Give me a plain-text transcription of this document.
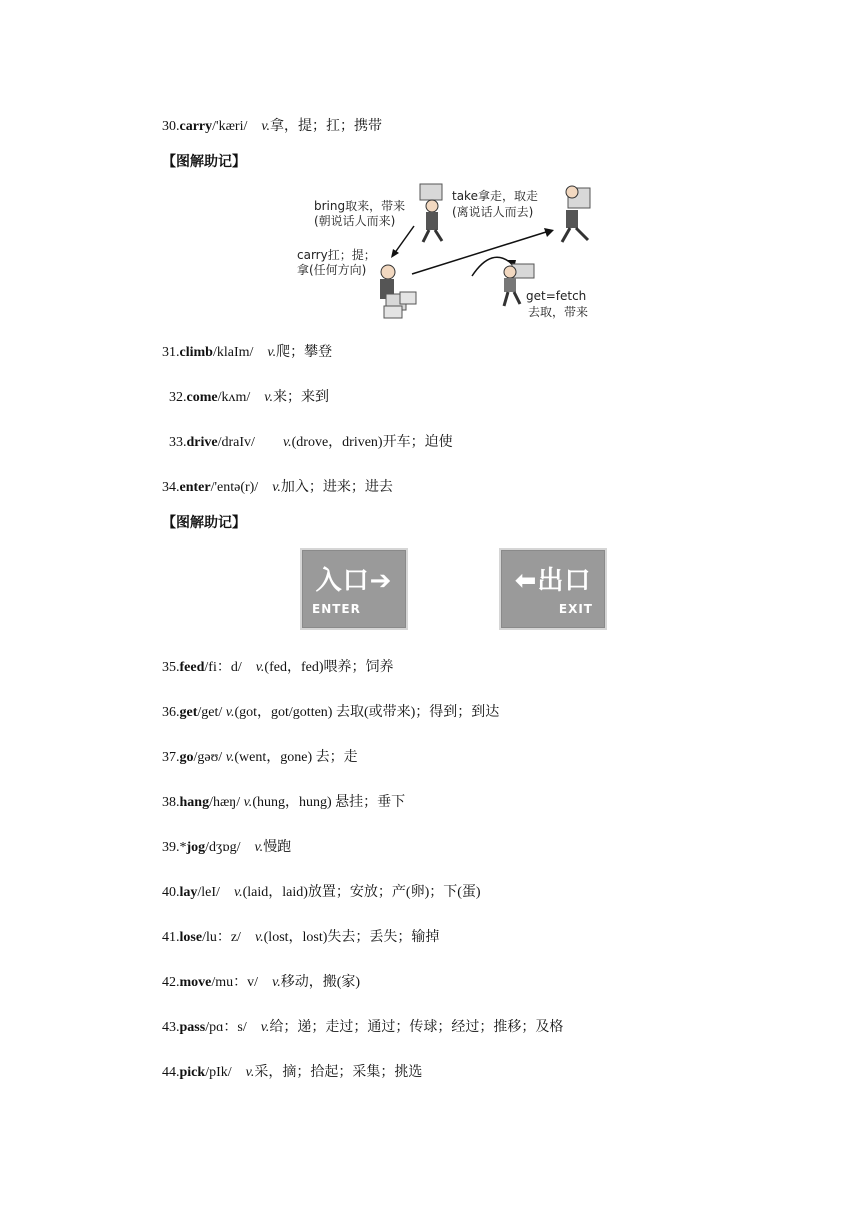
30.carry/'kæri/ v.拿，提；扛；携带
【图解助记】
bring取来，带来
(朝说话人而来)
take拿走，取走
(离说话人而去)
carry扛；提；
拿(任何方向)
get=fetch
去取，带来
31.climb/klaIm/ v.爬；攀登
32.come/kʌm/ v.来；来到
33.drive/draIv/ v.(drove，driven)开车；迫使
34.enter/'entə(r)/ v.加入；进来；进去
【图解助记】
入口➔
ENTER
⬅出口
EXIT
35.feed/fi：d/ v.(fed，fed)喂养；饲养
36.get/get/ v.(got，got/gotten) 去取(或带来)；得到；到达
37.go/gəʊ/ v.(went，gone) 去；走
38.hang/hæŋ/ v.(hung，hung) 悬挂；垂下
39.*jog/dʒɒg/ v.慢跑
40.lay/leI/ v.(laid，laid)放置；安放；产(卵)；下(蛋)
41.lose/lu：z/ v.(lost，lost)失去；丢失；输掉
42.move/mu：v/ v.移动，搬(家)
43.pass/pɑ：s/ v.给；递；走过；通过；传球；经过；推移；及格
44.pick/pIk/ v.采，摘；拾起；采集；挑选
